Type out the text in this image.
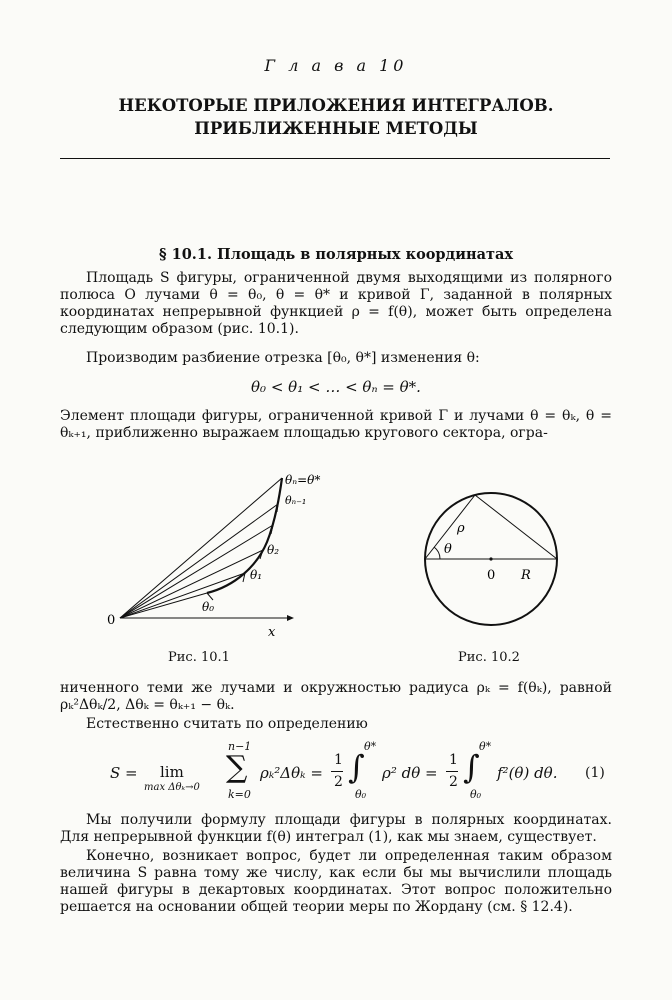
Г л а в а 10
НЕКОТОРЫЕ ПРИЛОЖЕНИЯ ИНТЕГРАЛОВ.
ПРИБЛИЖЕННЫЕ МЕТОДЫ
§ 10.1. Площадь в полярных координатах
Площадь S фигуры, ограниченной двумя выходящими из полярного полюса O лучами θ = θ₀, θ = θ* и кривой Γ, заданной в полярных координатах непрерывной функцией ρ = f(θ), может быть определена следующим образом (рис. 10.1).
Производим разбиение отрезка [θ₀, θ*] изменения θ:
θ₀ < θ₁ < … < θₙ = θ*.
Элемент площади фигуры, ограниченной кривой Γ и лучами θ = θₖ, θ = θₖ₊₁, приближенно выражаем площадью кругового сектора, огра-
θₙ=θ*
θₙ₋₁
θ₂
θ₁
θ₀
0
x
Рис. 10.1
ρ
θ
0 R
Рис. 10.2
ниченного теми же лучами и окружностью радиуса ρₖ = f(θₖ), равной ρₖ²Δθₖ/2, Δθₖ = θₖ₊₁ − θₖ.
Естественно считать по определению
S = lim
max Δθₖ→0
n−1
∑
k=0
ρₖ²Δθₖ =
1
2
θ*
∫
θ₀
ρ² dθ =
1
2
θ*
∫
θ₀
f²(θ) dθ. (1)
Мы получили формулу площади фигуры в полярных координатах. Для непрерывной функции f(θ) интеграл (1), как мы знаем, существует.
Конечно, возникает вопрос, будет ли определенная таким образом величина S равна тому же числу, как если бы мы вычислили площадь нашей фигуры в декартовых координатах. Этот вопрос положительно решается на основании общей теории меры по Жордану (см. § 12.4).
